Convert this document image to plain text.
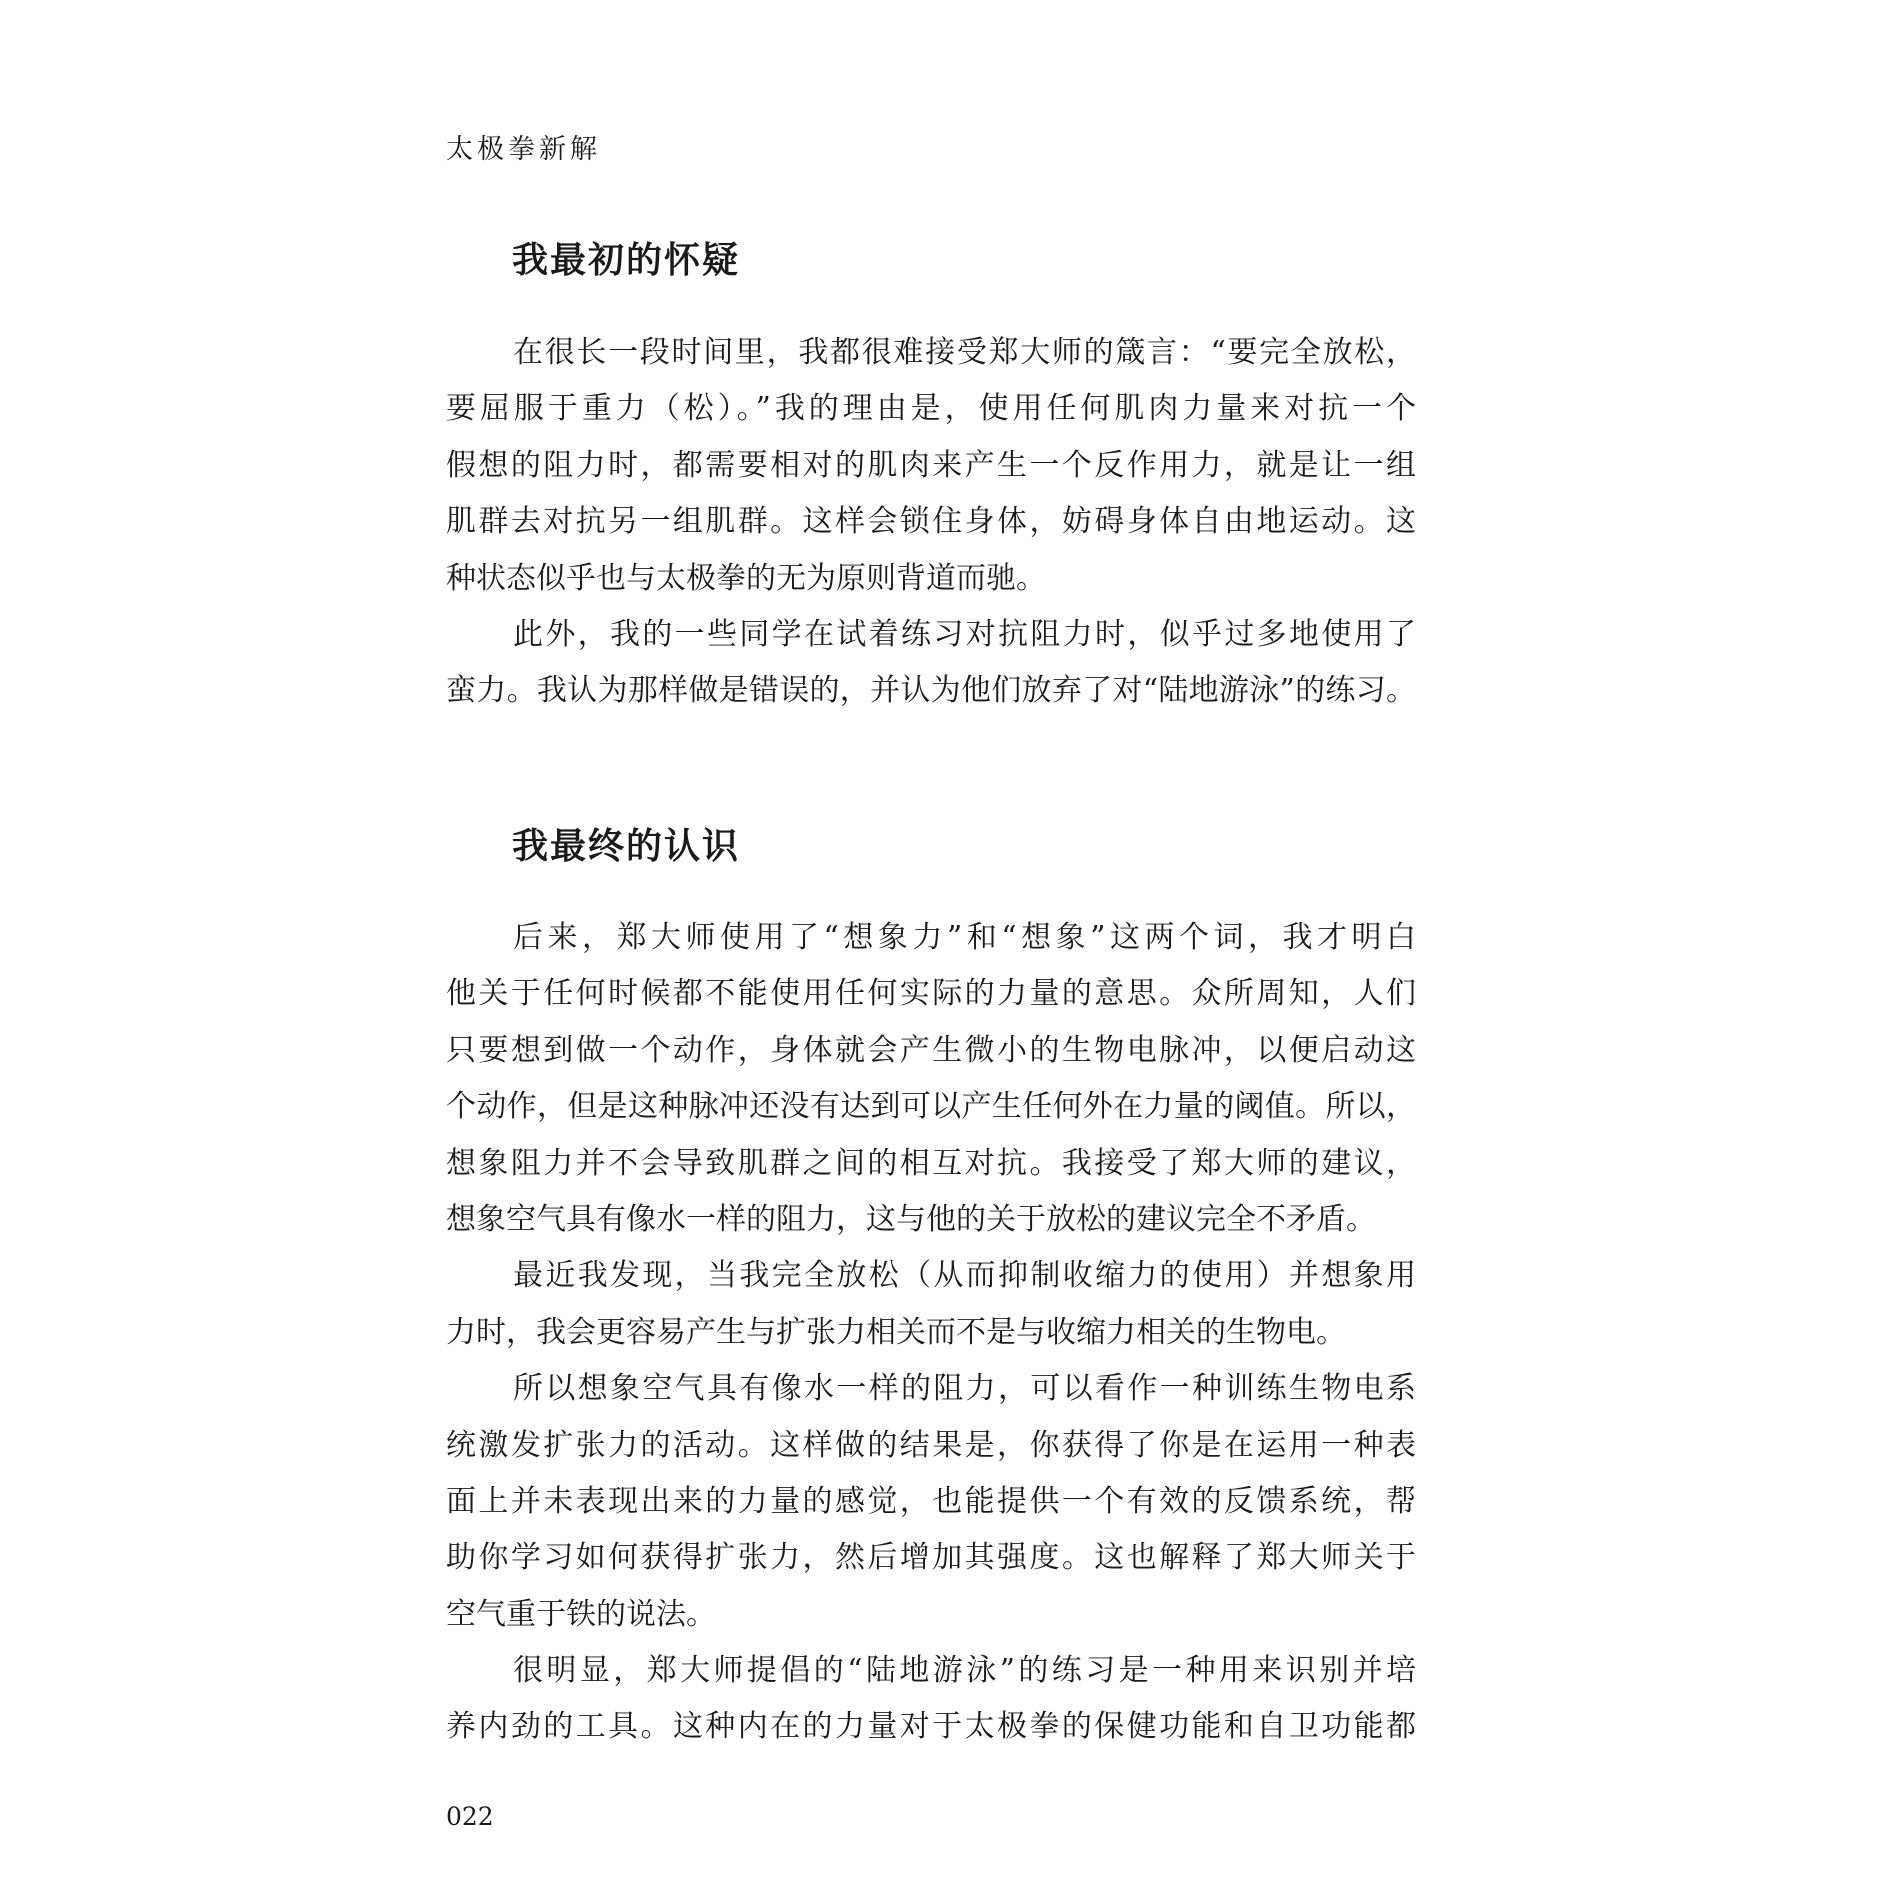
太极拳新解
我最初的怀疑
在很长一段时间里，我都很难接受郑大师的箴言：“要完全放松，
要屈服于重力（松）。”我的理由是，使用任何肌肉力量来对抗一个
假想的阻力时，都需要相对的肌肉来产生一个反作用力，就是让一组
肌群去对抗另一组肌群。这样会锁住身体，妨碍身体自由地运动。这
种状态似乎也与太极拳的无为原则背道而驰。
此外，我的一些同学在试着练习对抗阻力时，似乎过多地使用了
蛮力。我认为那样做是错误的，并认为他们放弃了对“陆地游泳”的练习。
我最终的认识
后来，郑大师使用了“想象力”和“想象”这两个词，我才明白
他关于任何时候都不能使用任何实际的力量的意思。众所周知，人们
只要想到做一个动作，身体就会产生微小的生物电脉冲，以便启动这
个动作，但是这种脉冲还没有达到可以产生任何外在力量的阈值。所以，
想象阻力并不会导致肌群之间的相互对抗。我接受了郑大师的建议，
想象空气具有像水一样的阻力，这与他的关于放松的建议完全不矛盾。
最近我发现，当我完全放松（从而抑制收缩力的使用）并想象用
力时，我会更容易产生与扩张力相关而不是与收缩力相关的生物电。
所以想象空气具有像水一样的阻力，可以看作一种训练生物电系
统激发扩张力的活动。这样做的结果是，你获得了你是在运用一种表
面上并未表现出来的力量的感觉，也能提供一个有效的反馈系统，帮
助你学习如何获得扩张力，然后增加其强度。这也解释了郑大师关于
空气重于铁的说法。
很明显，郑大师提倡的“陆地游泳”的练习是一种用来识别并培
养内劲的工具。这种内在的力量对于太极拳的保健功能和自卫功能都
022
